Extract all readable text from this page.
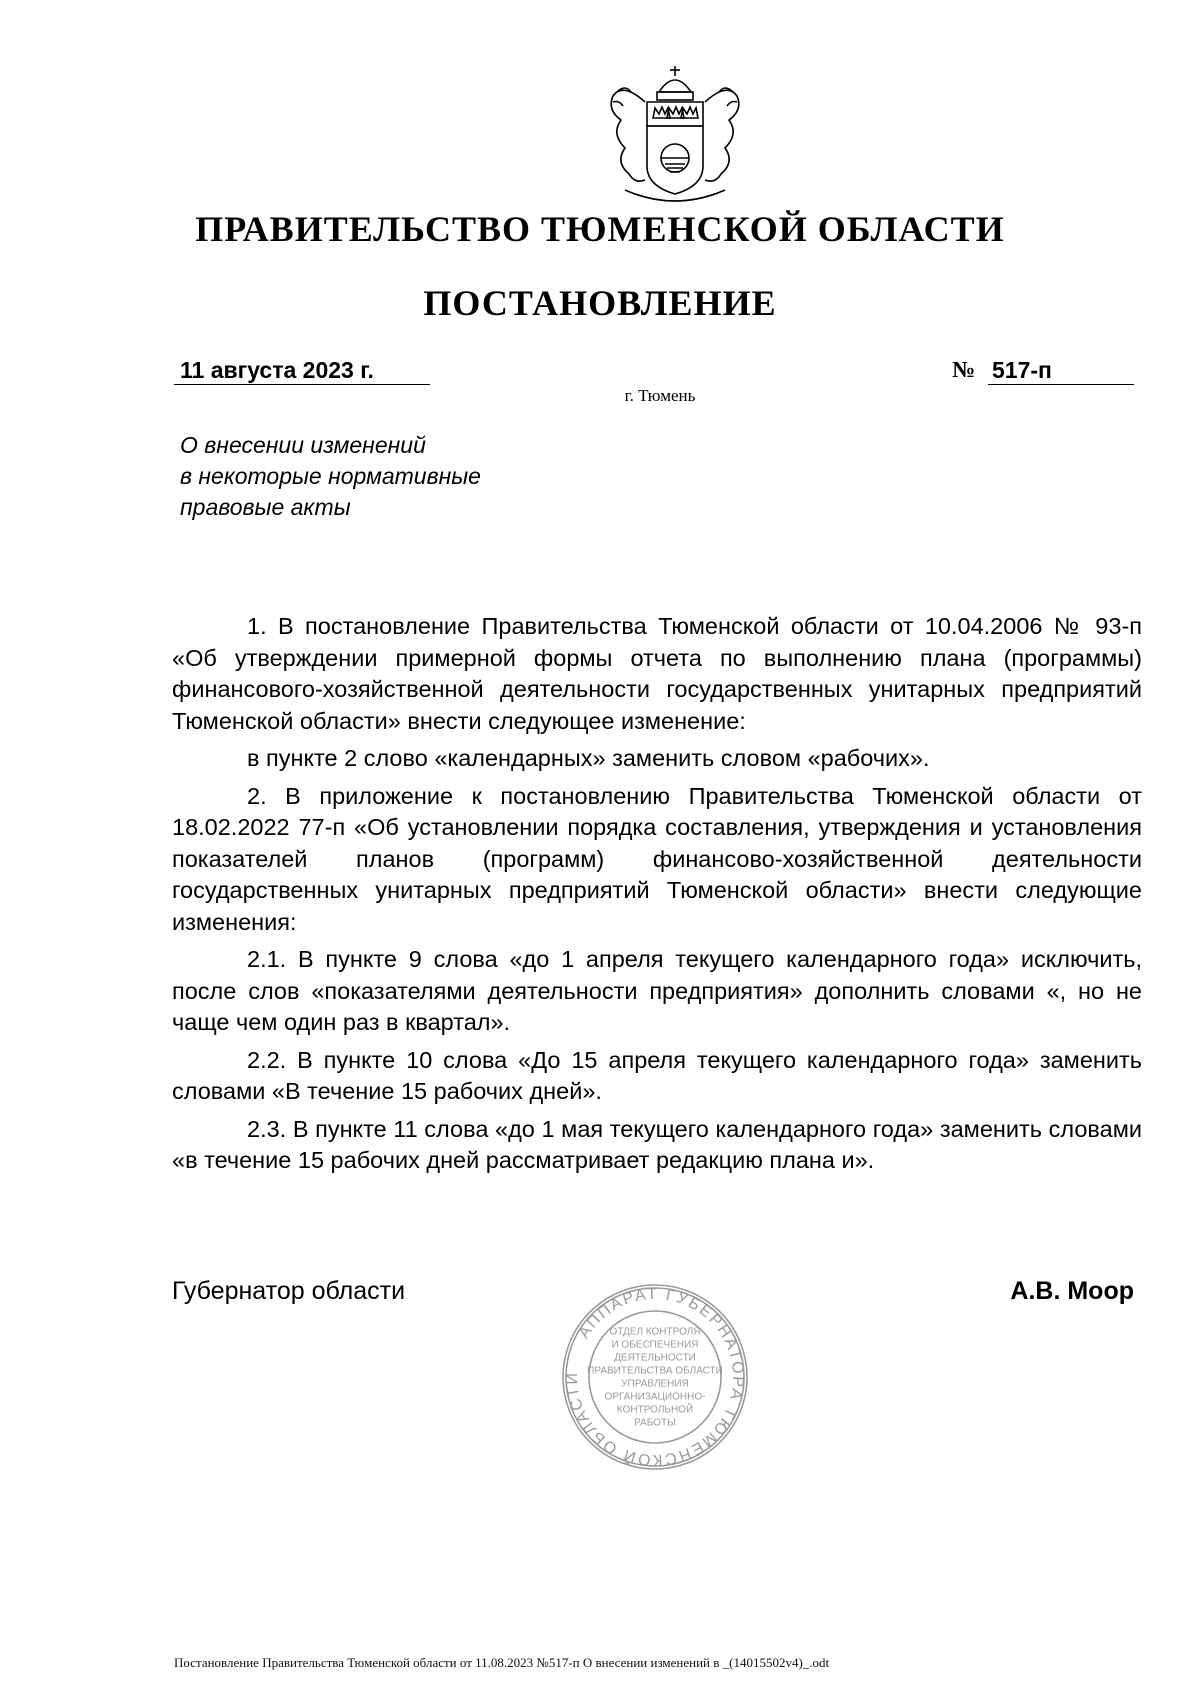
ПРАВИТЕЛЬСТВО ТЮМЕНСКОЙ ОБЛАСТИ
ПОСТАНОВЛЕНИЕ
11 августа 2023 г.	№ 517-п
г. Тюмень
О внесении изменений
в некоторые нормативные
правовые акты

1. В постановление Правительства Тюменской области от 10.04.2006 № 93-п «Об утверждении примерной формы отчета по выполнению плана (программы) финансового-хозяйственной деятельности государственных унитарных предприятий Тюменской области» внести следующее изменение:

в пункте 2 слово «календарных» заменить словом «рабочих».

2. В приложение к постановлению Правительства Тюменской области от 18.02.2022 77-п «Об установлении порядка составления, утверждения и установления показателей планов (программ) финансово-хозяйственной деятельности государственных унитарных предприятий Тюменской области» внести следующие изменения:

2.1. В пункте 9 слова «до 1 апреля текущего календарного года» исключить, после слов «показателями деятельности предприятия» дополнить словами «, но не чаще чем один раз в квартал».

2.2. В пункте 10 слова «До 15 апреля текущего календарного года» заменить словами «В течение 15 рабочих дней».

2.3. В пункте 11 слова «до 1 мая текущего календарного года» заменить словами «в течение 15 рабочих дней рассматривает редакцию плана и».

Губернатор области	А.В. Моор
АППАРАТ ГУБЕРНАТОРА ТЮМЕНСКОЙ ОБЛАСТИ
ОТДЕЛ КОНТРОЛЯ
И ОБЕСПЕЧЕНИЯ
ДЕЯТЕЛЬНОСТИ
ПРАВИТЕЛЬСТВА ОБЛАСТИ
УПРАВЛЕНИЯ
ОРГАНИЗАЦИОННО-
КОНТРОЛЬНОЙ
РАБОТЫ
Постановление Правительства Тюменской области от 11.08.2023 №517-п О внесении изменений в _(14015502v4)_.odt
